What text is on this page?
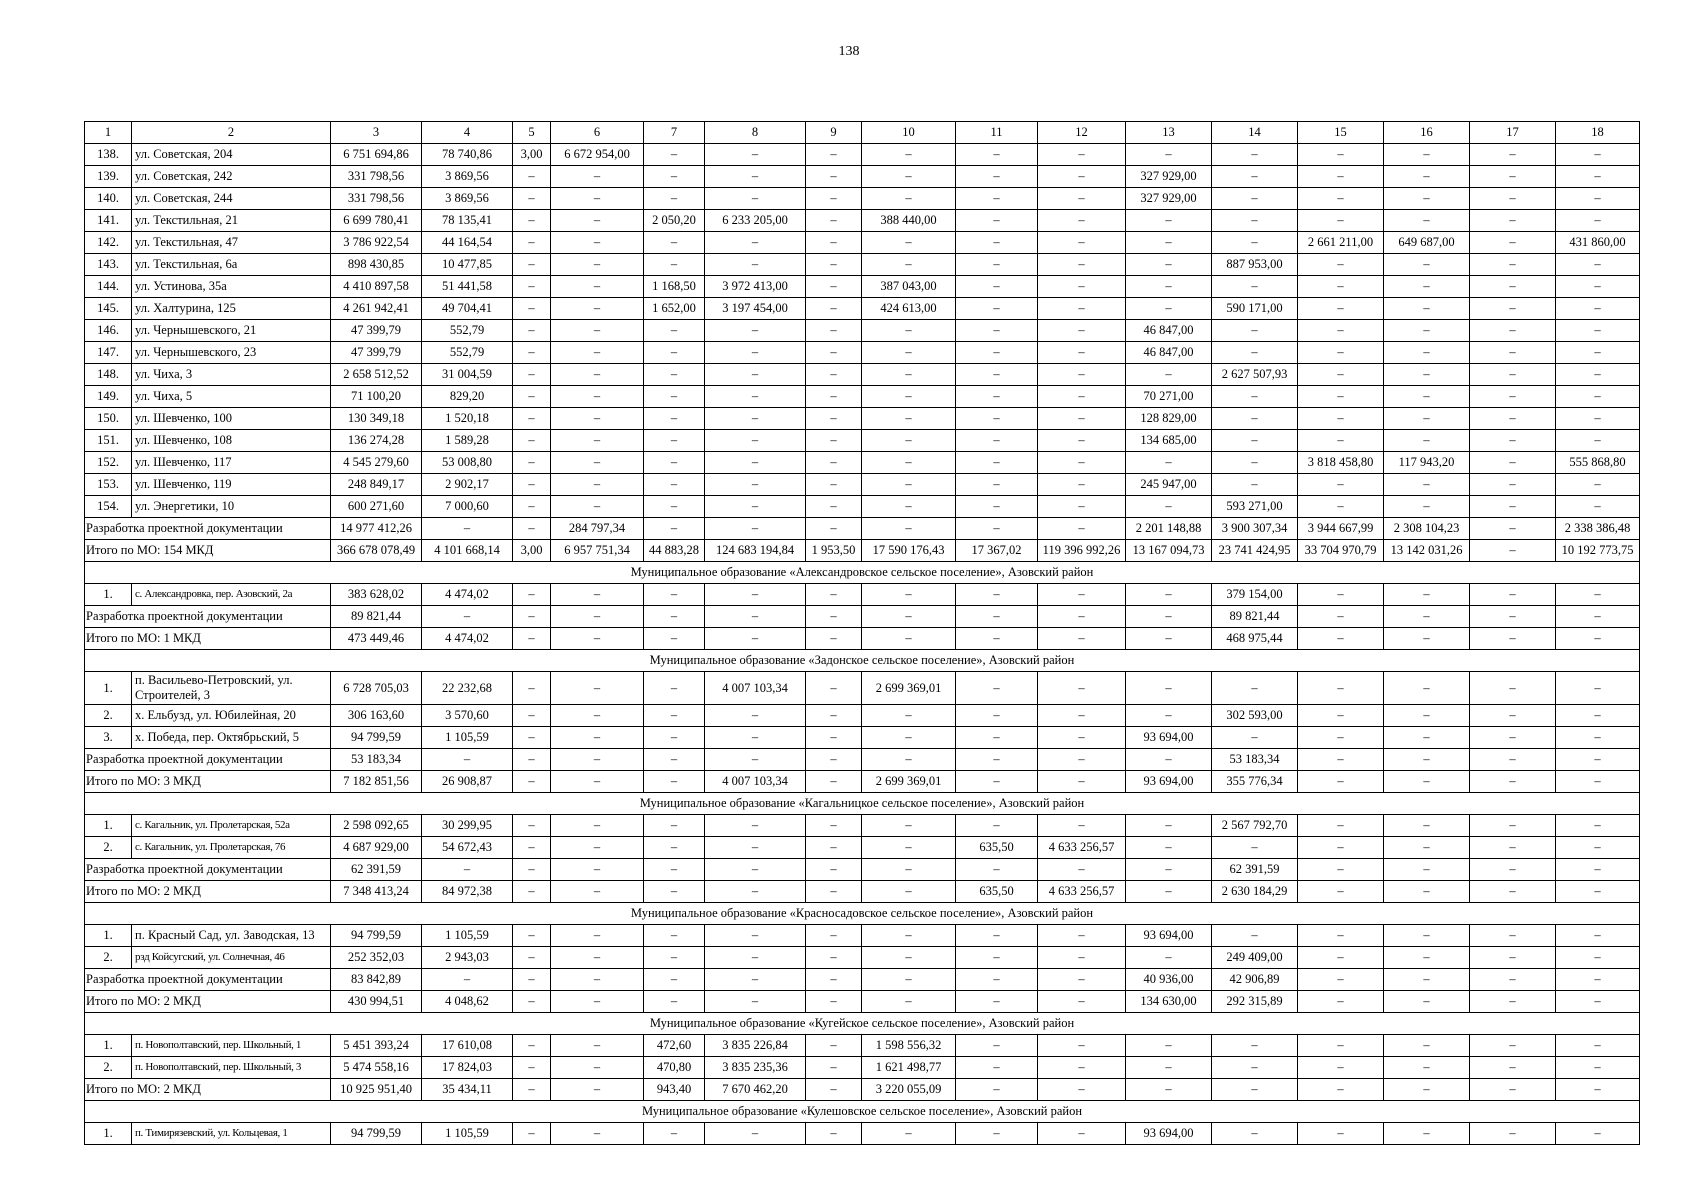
138
1	2	3	4	5	6	7	8	9	10	11	12	13	14	15	16	17	18
138.	ул. Советская, 204	6 751 694,86	78 740,86	3,00	6 672 954,00	–	–	–	–	–	–	–	–	–	–	–	–
139.	ул. Советская, 242	331 798,56	3 869,56	–	–	–	–	–	–	–	–	327 929,00	–	–	–	–	–
140.	ул. Советская, 244	331 798,56	3 869,56	–	–	–	–	–	–	–	–	327 929,00	–	–	–	–	–
141.	ул. Текстильная, 21	6 699 780,41	78 135,41	–	–	2 050,20	6 233 205,00	–	388 440,00	–	–	–	–	–	–	–	–
142.	ул. Текстильная, 47	3 786 922,54	44 164,54	–	–	–	–	–	–	–	–	–	–	2 661 211,00	649 687,00	–	431 860,00
143.	ул. Текстильная, 6а	898 430,85	10 477,85	–	–	–	–	–	–	–	–	–	887 953,00	–	–	–	–
144.	ул. Устинова, 35а	4 410 897,58	51 441,58	–	–	1 168,50	3 972 413,00	–	387 043,00	–	–	–	–	–	–	–	–
145.	ул. Халтурина, 125	4 261 942,41	49 704,41	–	–	1 652,00	3 197 454,00	–	424 613,00	–	–	–	590 171,00	–	–	–	–
146.	ул. Чернышевского, 21	47 399,79	552,79	–	–	–	–	–	–	–	–	46 847,00	–	–	–	–	–
147.	ул. Чернышевского, 23	47 399,79	552,79	–	–	–	–	–	–	–	–	46 847,00	–	–	–	–	–
148.	ул. Чиха, 3	2 658 512,52	31 004,59	–	–	–	–	–	–	–	–	–	2 627 507,93	–	–	–	–
149.	ул. Чиха, 5	71 100,20	829,20	–	–	–	–	–	–	–	–	70 271,00	–	–	–	–	–
150.	ул. Шевченко, 100	130 349,18	1 520,18	–	–	–	–	–	–	–	–	128 829,00	–	–	–	–	–
151.	ул. Шевченко, 108	136 274,28	1 589,28	–	–	–	–	–	–	–	–	134 685,00	–	–	–	–	–
152.	ул. Шевченко, 117	4 545 279,60	53 008,80	–	–	–	–	–	–	–	–	–	–	3 818 458,80	117 943,20	–	555 868,80
153.	ул. Шевченко, 119	248 849,17	2 902,17	–	–	–	–	–	–	–	–	245 947,00	–	–	–	–	–
154.	ул. Энергетики, 10	600 271,60	7 000,60	–	–	–	–	–	–	–	–	–	593 271,00	–	–	–	–
Разработка проектной документации		14 977 412,26	–	–	284 797,34	–	–	–	–	–	–	2 201 148,88	3 900 307,34	3 944 667,99	2 308 104,23	–	2 338 386,48
Итого по МО: 154 МКД		366 678 078,49	4 101 668,14	3,00	6 957 751,34	44 883,28	124 683 194,84	1 953,50	17 590 176,43	17 367,02	119 396 992,26	13 167 094,73	23 741 424,95	33 704 970,79	13 142 031,26	–	10 192 773,75
Муниципальное образование «Александровское сельское поселение», Азовский район																	
1.	с. Александровка, пер. Азовский, 2а	383 628,02	4 474,02	–	–	–	–	–	–	–	–	–	379 154,00	–	–	–	–
Разработка проектной документации		89 821,44	–	–	–	–	–	–	–	–	–	–	89 821,44	–	–	–	–
Итого по МО: 1 МКД		473 449,46	4 474,02	–	–	–	–	–	–	–	–	–	468 975,44	–	–	–	–
Муниципальное образование «Задонское сельское поселение», Азовский район																	
1.	п. Васильево-Петровский, ул. Строителей, 3	6 728 705,03	22 232,68	–	–	–	4 007 103,34	–	2 699 369,01	–	–	–	–	–	–	–	–
2.	х. Ельбузд, ул. Юбилейная, 20	306 163,60	3 570,60	–	–	–	–	–	–	–	–	–	302 593,00	–	–	–	–
3.	х. Победа, пер. Октябрьский, 5	94 799,59	1 105,59	–	–	–	–	–	–	–	–	93 694,00	–	–	–	–	–
Разработка проектной документации		53 183,34	–	–	–	–	–	–	–	–	–	–	53 183,34	–	–	–	–
Итого по МО: 3 МКД		7 182 851,56	26 908,87	–	–	–	4 007 103,34	–	2 699 369,01	–	–	93 694,00	355 776,34	–	–	–	–
Муниципальное образование «Кагальницкое сельское поселение», Азовский район																	
1.	с. Кагальник, ул. Пролетарская, 52а	2 598 092,65	30 299,95	–	–	–	–	–	–	–	–	–	2 567 792,70	–	–	–	–
2.	с. Кагальник, ул. Пролетарская, 76	4 687 929,00	54 672,43	–	–	–	–	–	–	635,50	4 633 256,57	–	–	–	–	–	–
Разработка проектной документации		62 391,59	–	–	–	–	–	–	–	–	–	–	62 391,59	–	–	–	–
Итого по МО: 2 МКД		7 348 413,24	84 972,38	–	–	–	–	–	–	635,50	4 633 256,57	–	2 630 184,29	–	–	–	–
Муниципальное образование «Красносадовское сельское поселение», Азовский район																	
1.	п. Красный Сад, ул. Заводская, 13	94 799,59	1 105,59	–	–	–	–	–	–	–	–	93 694,00	–	–	–	–	–
2.	рзд Койсугский, ул. Солнечная, 46	252 352,03	2 943,03	–	–	–	–	–	–	–	–	–	249 409,00	–	–	–	–
Разработка проектной документации		83 842,89	–	–	–	–	–	–	–	–	–	40 936,00	42 906,89	–	–	–	–
Итого по МО: 2 МКД		430 994,51	4 048,62	–	–	–	–	–	–	–	–	134 630,00	292 315,89	–	–	–	–
Муниципальное образование «Кугейское сельское поселение», Азовский район																	
1.	п. Новополтавский, пер. Школьный, 1	5 451 393,24	17 610,08	–	–	472,60	3 835 226,84	–	1 598 556,32	–	–	–	–	–	–	–	–
2.	п. Новополтавский, пер. Школьный, 3	5 474 558,16	17 824,03	–	–	470,80	3 835 235,36	–	1 621 498,77	–	–	–	–	–	–	–	–
Итого по МО: 2 МКД		10 925 951,40	35 434,11	–	–	943,40	7 670 462,20	–	3 220 055,09	–	–	–	–	–	–	–	–
Муниципальное образование «Кулешовское сельское поселение», Азовский район																	
1.	п. Тимирязевский, ул. Кольцевая, 1	94 799,59	1 105,59	–	–	–	–	–	–	–	–	93 694,00	–	–	–	–	–
